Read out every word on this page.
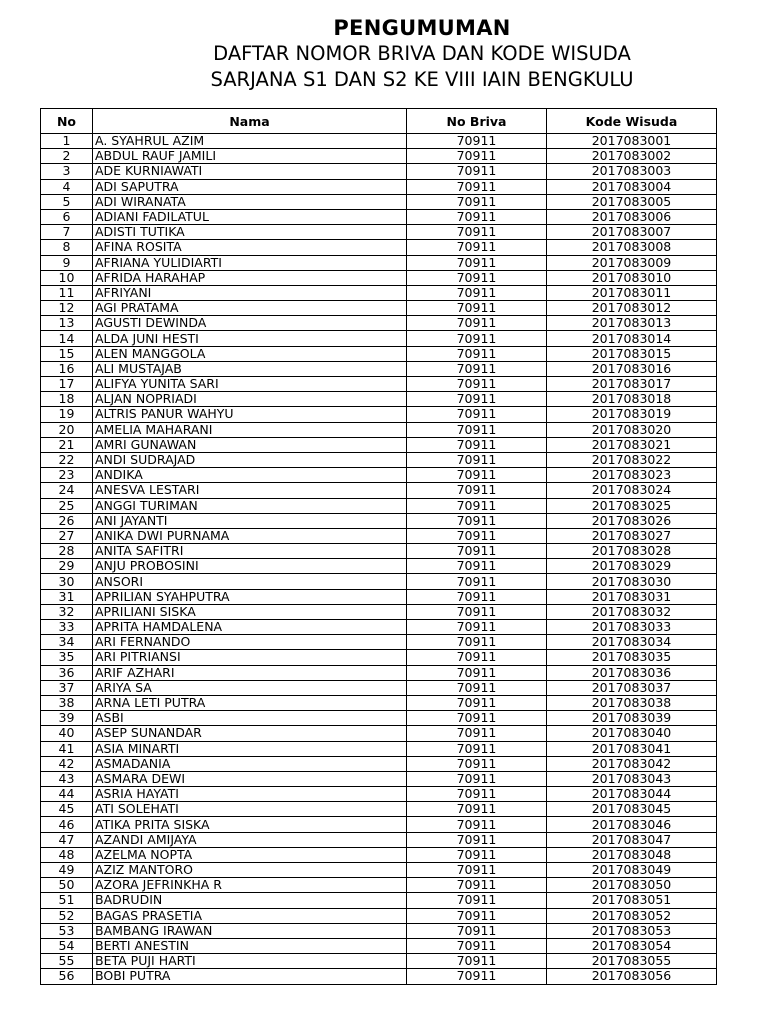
PENGUMUMAN
DAFTAR NOMOR BRIVA DAN KODE WISUDA
SARJANA S1 DAN S2 KE VIII IAIN BENGKULU
No	Nama	No Briva	Kode Wisuda
1	A. SYAHRUL AZIM	70911	2017083001
2	ABDUL RAUF JAMILI	70911	2017083002
3	ADE KURNIAWATI	70911	2017083003
4	ADI SAPUTRA	70911	2017083004
5	ADI WIRANATA	70911	2017083005
6	ADIANI FADILATUL	70911	2017083006
7	ADISTI TUTIKA	70911	2017083007
8	AFINA ROSITA	70911	2017083008
9	AFRIANA YULIDIARTI	70911	2017083009
10	AFRIDA HARAHAP	70911	2017083010
11	AFRIYANI	70911	2017083011
12	AGI PRATAMA	70911	2017083012
13	AGUSTI DEWINDA	70911	2017083013
14	ALDA JUNI HESTI	70911	2017083014
15	ALEN MANGGOLA	70911	2017083015
16	ALI MUSTAJAB	70911	2017083016
17	ALIFYA YUNITA SARI	70911	2017083017
18	ALJAN NOPRIADI	70911	2017083018
19	ALTRIS PANUR WAHYU	70911	2017083019
20	AMELIA MAHARANI	70911	2017083020
21	AMRI GUNAWAN	70911	2017083021
22	ANDI SUDRAJAD	70911	2017083022
23	ANDIKA	70911	2017083023
24	ANESVA LESTARI	70911	2017083024
25	ANGGI TURIMAN	70911	2017083025
26	ANI JAYANTI	70911	2017083026
27	ANIKA DWI PURNAMA	70911	2017083027
28	ANITA SAFITRI	70911	2017083028
29	ANJU PROBOSINI	70911	2017083029
30	ANSORI	70911	2017083030
31	APRILIAN SYAHPUTRA	70911	2017083031
32	APRILIANI SISKA	70911	2017083032
33	APRITA HAMDALENA	70911	2017083033
34	ARI FERNANDO	70911	2017083034
35	ARI PITRIANSI	70911	2017083035
36	ARIF AZHARI	70911	2017083036
37	ARIYA SA	70911	2017083037
38	ARNA LETI PUTRA	70911	2017083038
39	ASBI	70911	2017083039
40	ASEP SUNANDAR	70911	2017083040
41	ASIA MINARTI	70911	2017083041
42	ASMADANIA	70911	2017083042
43	ASMARA DEWI	70911	2017083043
44	ASRIA HAYATI	70911	2017083044
45	ATI SOLEHATI	70911	2017083045
46	ATIKA PRITA SISKA	70911	2017083046
47	AZANDI AMIJAYA	70911	2017083047
48	AZELMA NOPTA	70911	2017083048
49	AZIZ MANTORO	70911	2017083049
50	AZORA JEFRINKHA R	70911	2017083050
51	BADRUDIN	70911	2017083051
52	BAGAS PRASETIA	70911	2017083052
53	BAMBANG IRAWAN	70911	2017083053
54	BERTI ANESTIN	70911	2017083054
55	BETA PUJI HARTI	70911	2017083055
56	BOBI PUTRA	70911	2017083056
